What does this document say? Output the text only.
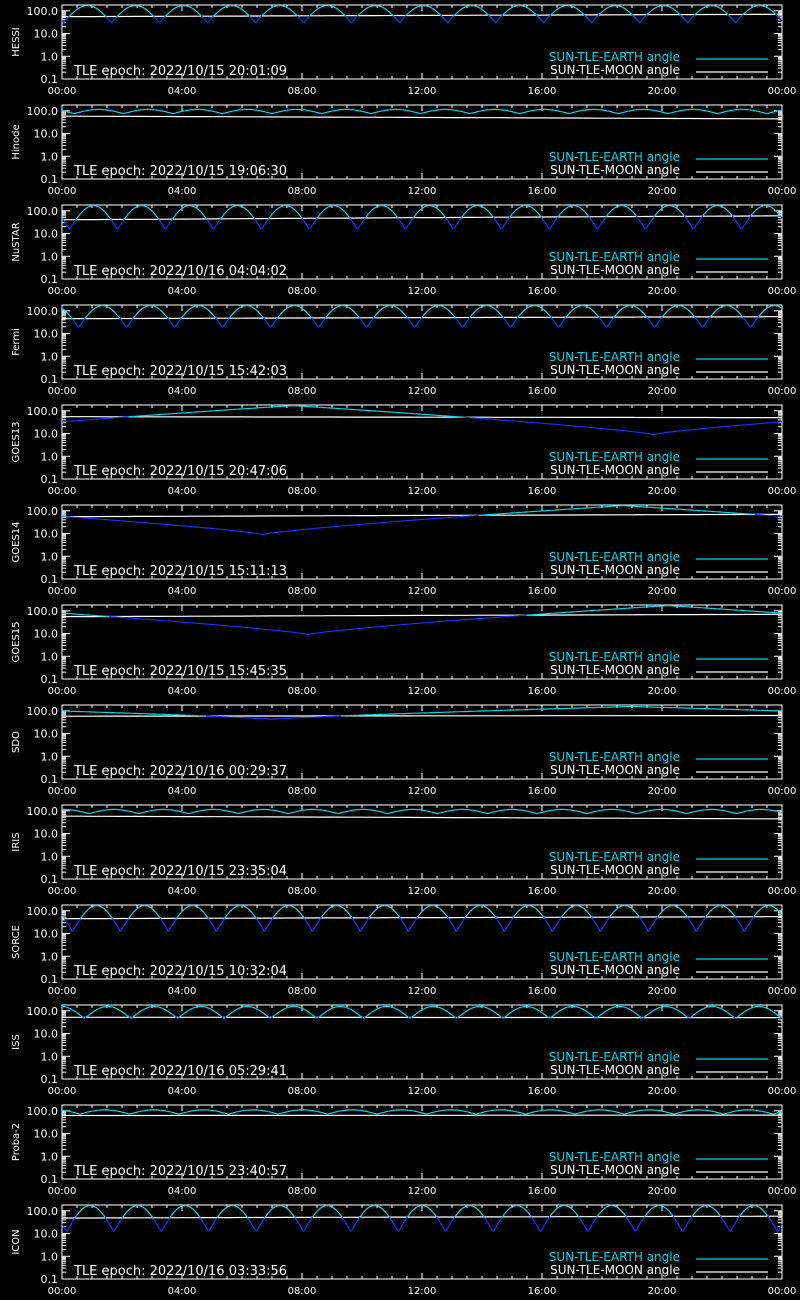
0.1
1.0
10.0
100.0
00:00	04:00	08:00	12:00	16:00	20:00	00:00
HESSI
TLE epoch: 2022/10/15 20:01:09
SUN-TLE-EARTH angle
SUN-TLE-MOON angle
0.1
1.0
10.0
100.0
00:00	04:00	08:00	12:00	16:00	20:00	00:00
Hinode
TLE epoch: 2022/10/15 19:06:30
SUN-TLE-EARTH angle
SUN-TLE-MOON angle
0.1
1.0
10.0
100.0
00:00	04:00	08:00	12:00	16:00	20:00	00:00
NuSTAR
TLE epoch: 2022/10/16 04:04:02
SUN-TLE-EARTH angle
SUN-TLE-MOON angle
0.1
1.0
10.0
100.0
00:00	04:00	08:00	12:00	16:00	20:00	00:00
Fermi
TLE epoch: 2022/10/15 15:42:03
SUN-TLE-EARTH angle
SUN-TLE-MOON angle
0.1
1.0
10.0
100.0
00:00	04:00	08:00	12:00	16:00	20:00	00:00
GOES13
TLE epoch: 2022/10/15 20:47:06
SUN-TLE-EARTH angle
SUN-TLE-MOON angle
0.1
1.0
10.0
100.0
00:00	04:00	08:00	12:00	16:00	20:00	00:00
GOES14
TLE epoch: 2022/10/15 15:11:13
SUN-TLE-EARTH angle
SUN-TLE-MOON angle
0.1
1.0
10.0
100.0
00:00	04:00	08:00	12:00	16:00	20:00	00:00
GOES15
TLE epoch: 2022/10/15 15:45:35
SUN-TLE-EARTH angle
SUN-TLE-MOON angle
0.1
1.0
10.0
100.0
00:00	04:00	08:00	12:00	16:00	20:00	00:00
SDO
TLE epoch: 2022/10/16 00:29:37
SUN-TLE-EARTH angle
SUN-TLE-MOON angle
0.1
1.0
10.0
100.0
00:00	04:00	08:00	12:00	16:00	20:00	00:00
IRIS
TLE epoch: 2022/10/15 23:35:04
SUN-TLE-EARTH angle
SUN-TLE-MOON angle
0.1
1.0
10.0
100.0
00:00	04:00	08:00	12:00	16:00	20:00	00:00
SORCE
TLE epoch: 2022/10/15 10:32:04
SUN-TLE-EARTH angle
SUN-TLE-MOON angle
0.1
1.0
10.0
100.0
00:00	04:00	08:00	12:00	16:00	20:00	00:00
ISS
TLE epoch: 2022/10/16 05:29:41
SUN-TLE-EARTH angle
SUN-TLE-MOON angle
0.1
1.0
10.0
100.0
00:00	04:00	08:00	12:00	16:00	20:00	00:00
Proba-2
TLE epoch: 2022/10/15 23:40:57
SUN-TLE-EARTH angle
SUN-TLE-MOON angle
0.1
1.0
10.0
100.0
00:00	04:00	08:00	12:00	16:00	20:00	00:00
ICON
TLE epoch: 2022/10/16 03:33:56
SUN-TLE-EARTH angle
SUN-TLE-MOON angle
